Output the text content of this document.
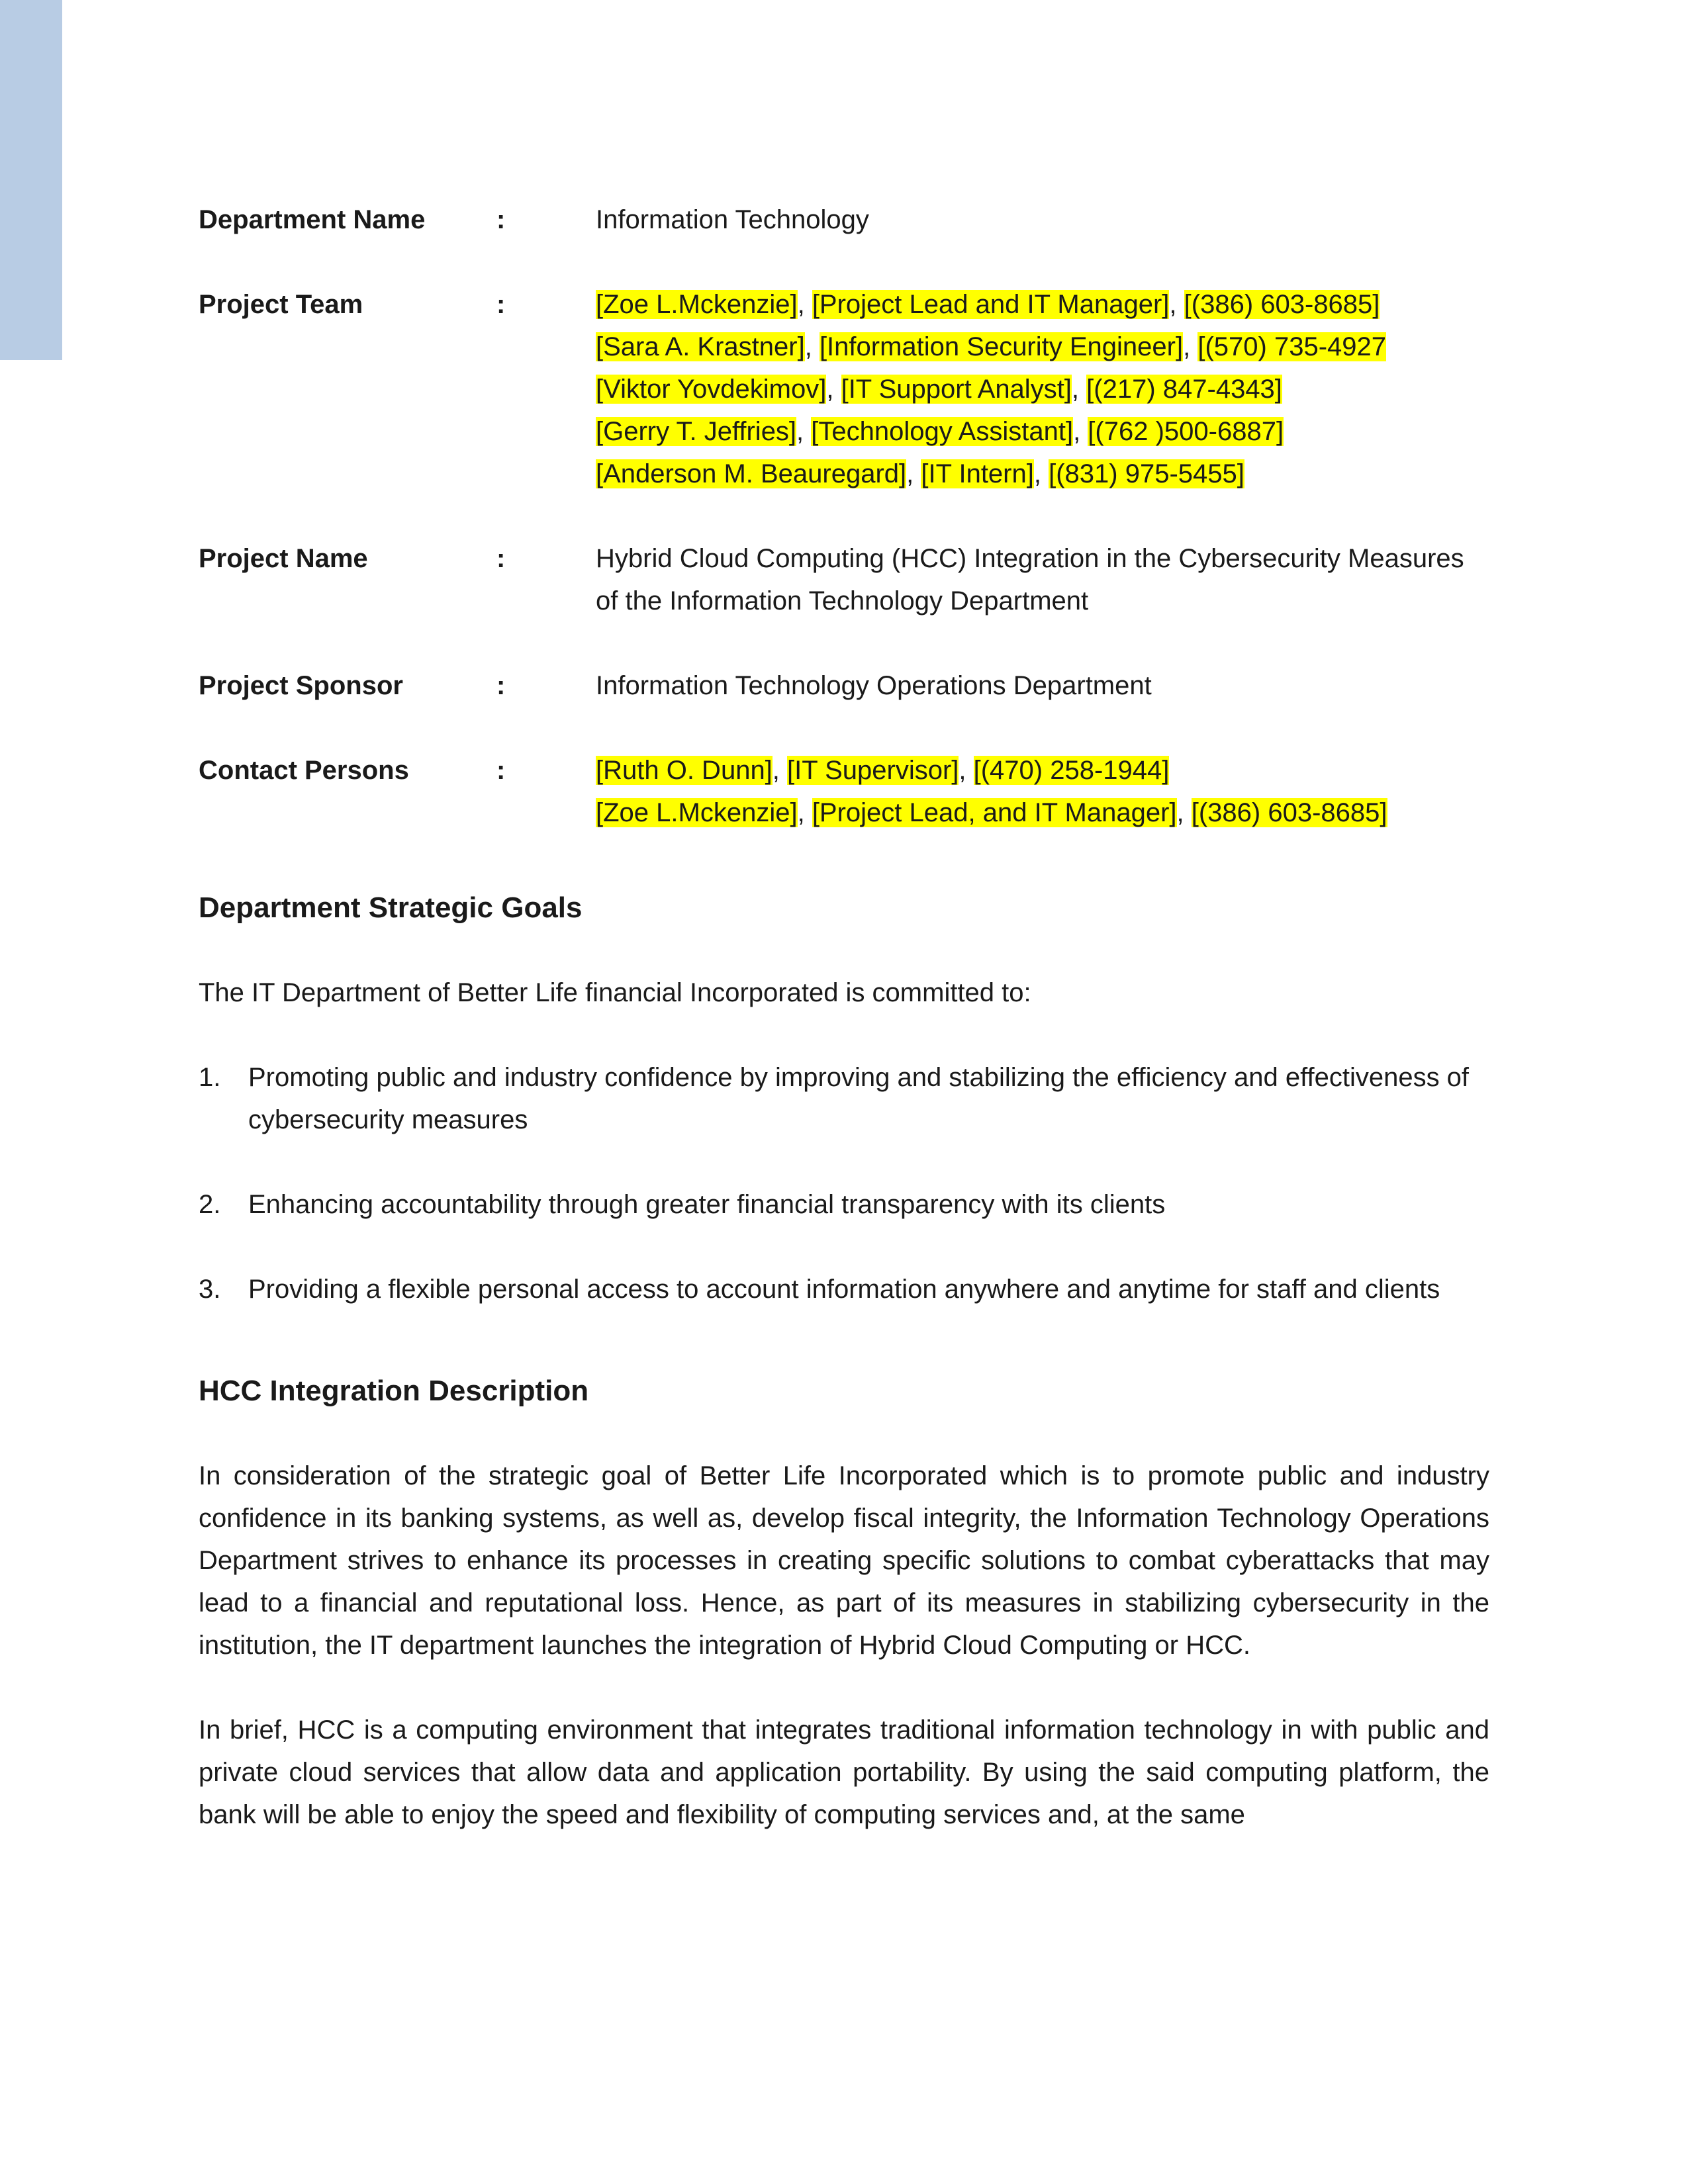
Department Name	:	Information Technology
Project Team	:	[Zoe L.Mckenzie], [Project Lead and IT Manager], [(386) 603-8685]
[Sara A. Krastner], [Information Security Engineer], [(570) 735-4927
[Viktor Yovdekimov], [IT Support Analyst], [(217) 847-4343]
[Gerry T. Jeffries], [Technology Assistant], [(762 )500-6887]
[Anderson M. Beauregard], [IT Intern], [(831) 975-5455]
Project Name	:	Hybrid Cloud Computing (HCC) Integration in the Cybersecurity Measures of the Information Technology Department
Project Sponsor	:	Information Technology Operations Department
Contact Persons	:	[Ruth O. Dunn], [IT Supervisor], [(470) 258-1944]
[Zoe L.Mckenzie], [Project Lead, and IT Manager], [(386) 603-8685]
Department Strategic Goals

The IT Department of Better Life financial Incorporated is committed to:

1.	Promoting public and industry confidence by improving and stabilizing the efficiency and effectiveness of cybersecurity measures
2.	Enhancing accountability through greater financial transparency with its clients
3.	Providing a flexible personal access to account information anywhere and anytime for staff and clients
HCC Integration Description

In consideration of the strategic goal of Better Life Incorporated which is to promote public and industry confidence in its banking systems, as well as, develop fiscal integrity, the Information Technology Operations Department strives to enhance its processes in creating specific solutions to combat cyberattacks that may lead to a financial and reputational loss. Hence, as part of its measures in stabilizing cybersecurity in the institution, the IT department launches the integration of Hybrid Cloud Computing or HCC.

In brief, HCC is a computing environment that integrates traditional information technology in with public and private cloud services that allow data and application portability. By using the said computing platform, the bank will be able to enjoy the speed and flexibility of computing services and, at the same
